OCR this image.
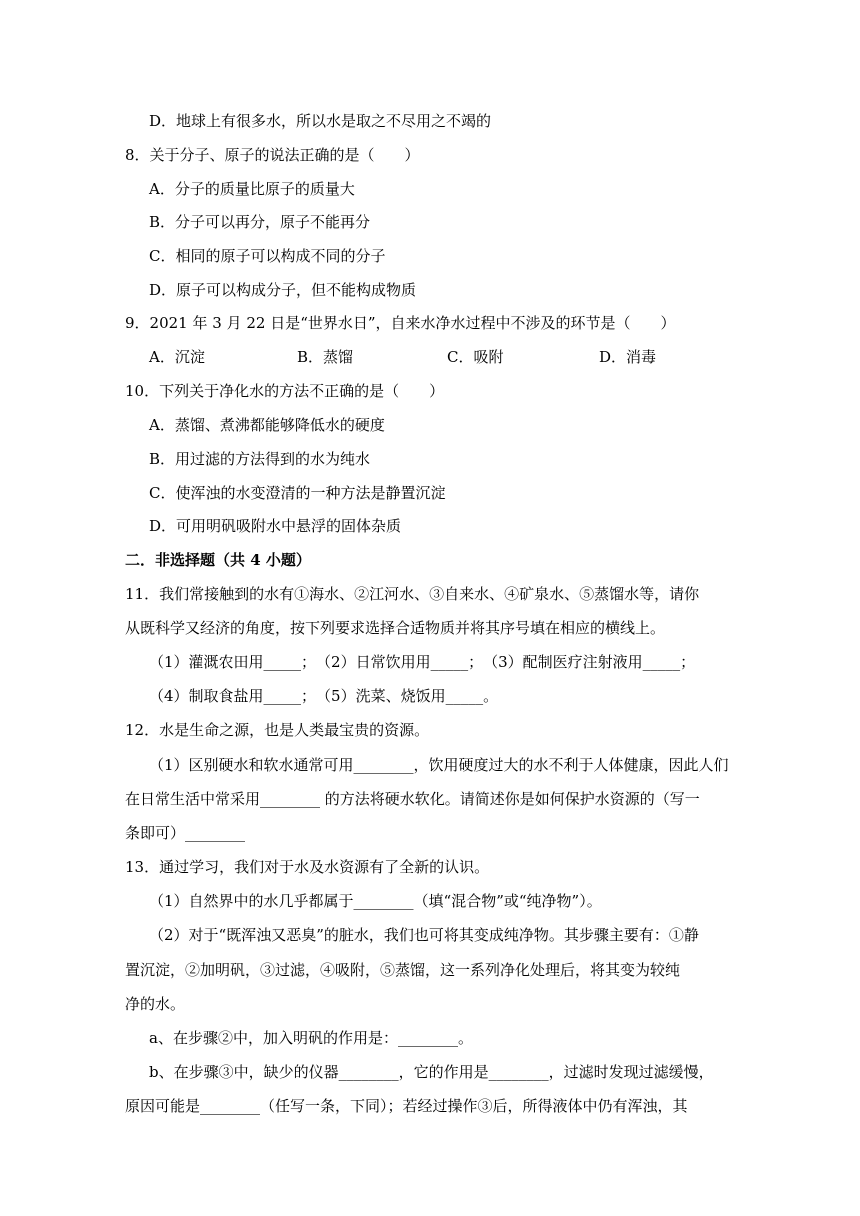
D．地球上有很多水，所以水是取之不尽用之不竭的
8．关于分子、原子的说法正确的是（　　）
A．分子的质量比原子的质量大
B．分子可以再分，原子不能再分
C．相同的原子可以构成不同的分子
D．原子可以构成分子，但不能构成物质
9．2021 年 3 月 22 日是“世界水日”，自来水净水过程中不涉及的环节是（　　）
A．沉淀	B．蒸馏	C．吸附	D．消毒
10．下列关于净化水的方法不正确的是（　　）
A．蒸馏、煮沸都能够降低水的硬度
B．用过滤的方法得到的水为纯水
C．使浑浊的水变澄清的一种方法是静置沉淀
D．可用明矾吸附水中悬浮的固体杂质
二．非选择题（共 4 小题）
11．我们常接触到的水有①海水、②江河水、③自来水、④矿泉水、⑤蒸馏水等，请你
从既科学又经济的角度，按下列要求选择合适物质并将其序号填在相应的横线上。
（1）灌溉农田用_____；　（2）日常饮用用_____；　（3）配制医疗注射液用_____；
（4）制取食盐用_____；　（5）洗菜、烧饭用_____。
12．水是生命之源，也是人类最宝贵的资源。
（1）区别硬水和软水通常可用________，饮用硬度过大的水不利于人体健康，因此人们
在日常生活中常采用________ 的方法将硬水软化。请简述你是如何保护水资源的（写一
条即可）________
13．通过学习，我们对于水及水资源有了全新的认识。
（1）自然界中的水几乎都属于________（填“混合物”或“纯净物”）。
（2）对于“既浑浊又恶臭”的脏水，我们也可将其变成纯净物。其步骤主要有：①静
置沉淀，②加明矾，③过滤，④吸附，⑤蒸馏，这一系列净化处理后，将其变为较纯
净的水。
a、在步骤②中，加入明矾的作用是：________。
b、在步骤③中，缺少的仪器________，它的作用是________，过滤时发现过滤缓慢，
原因可能是________（任写一条，下同）；若经过操作③后，所得液体中仍有浑浊，其
